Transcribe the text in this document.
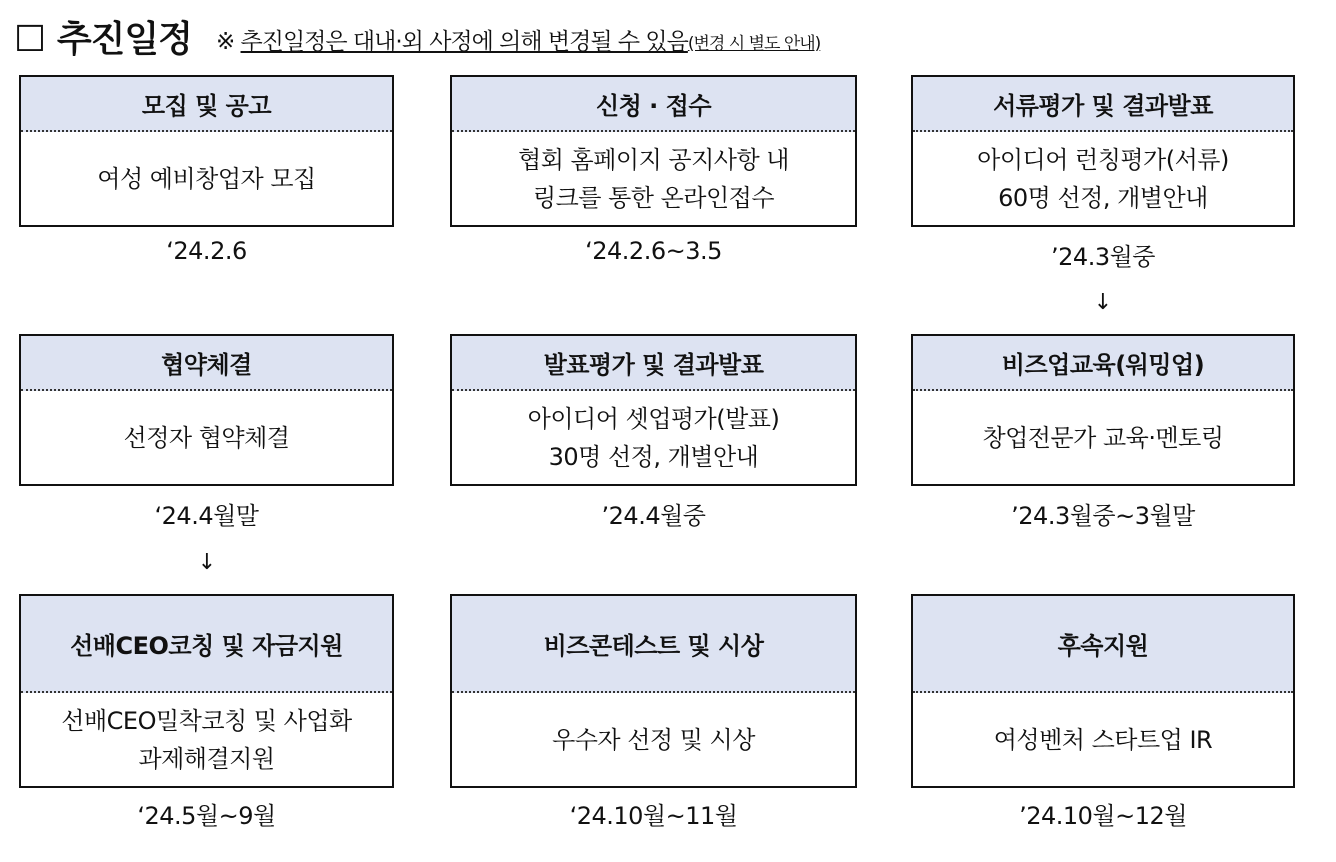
☐ 추진일정 ※ 추진일정은 대내·외 사정에 의해 변경될 수 있음(변경 시 별도 안내)
모집 및 공고
여성 예비창업자 모집
‘24.2.6
신청 · 접수
협회 홈페이지 공지사항 내
링크를 통한 온라인접수
‘24.2.6~3.5
서류평가 및 결과발표
아이디어 런칭평가(서류)
60명 선정, 개별안내
’24.3월중
↓
협약체결
선정자 협약체결
‘24.4월말
↓
발표평가 및 결과발표
아이디어 셋업평가(발표)
30명 선정, 개별안내
’24.4월중
비즈업교육(워밍업)
창업전문가 교육·멘토링
’24.3월중~3월말
선배CEO코칭 및 자금지원
선배CEO밀착코칭 및 사업화
과제해결지원
‘24.5월~9월
비즈콘테스트 및 시상
우수자 선정 및 시상
‘24.10월~11월
후속지원
여성벤처 스타트업 IR
’24.10월~12월
